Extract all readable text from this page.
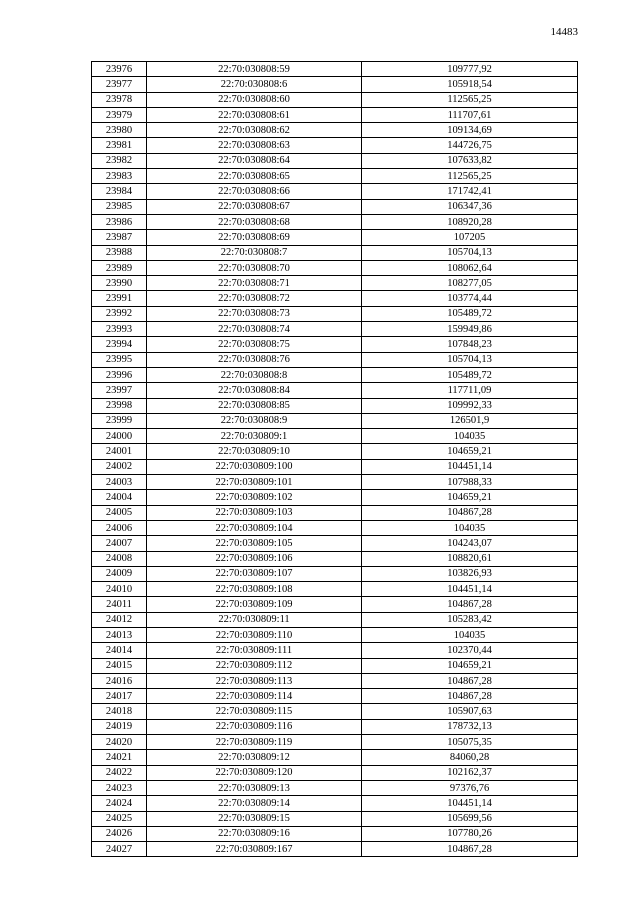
14483
23976	22:70:030808:59	109777,92
23977	22:70:030808:6	105918,54
23978	22:70:030808:60	112565,25
23979	22:70:030808:61	111707,61
23980	22:70:030808:62	109134,69
23981	22:70:030808:63	144726,75
23982	22:70:030808:64	107633,82
23983	22:70:030808:65	112565,25
23984	22:70:030808:66	171742,41
23985	22:70:030808:67	106347,36
23986	22:70:030808:68	108920,28
23987	22:70:030808:69	107205
23988	22:70:030808:7	105704,13
23989	22:70:030808:70	108062,64
23990	22:70:030808:71	108277,05
23991	22:70:030808:72	103774,44
23992	22:70:030808:73	105489,72
23993	22:70:030808:74	159949,86
23994	22:70:030808:75	107848,23
23995	22:70:030808:76	105704,13
23996	22:70:030808:8	105489,72
23997	22:70:030808:84	117711,09
23998	22:70:030808:85	109992,33
23999	22:70:030808:9	126501,9
24000	22:70:030809:1	104035
24001	22:70:030809:10	104659,21
24002	22:70:030809:100	104451,14
24003	22:70:030809:101	107988,33
24004	22:70:030809:102	104659,21
24005	22:70:030809:103	104867,28
24006	22:70:030809:104	104035
24007	22:70:030809:105	104243,07
24008	22:70:030809:106	108820,61
24009	22:70:030809:107	103826,93
24010	22:70:030809:108	104451,14
24011	22:70:030809:109	104867,28
24012	22:70:030809:11	105283,42
24013	22:70:030809:110	104035
24014	22:70:030809:111	102370,44
24015	22:70:030809:112	104659,21
24016	22:70:030809:113	104867,28
24017	22:70:030809:114	104867,28
24018	22:70:030809:115	105907,63
24019	22:70:030809:116	178732,13
24020	22:70:030809:119	105075,35
24021	22:70:030809:12	84060,28
24022	22:70:030809:120	102162,37
24023	22:70:030809:13	97376,76
24024	22:70:030809:14	104451,14
24025	22:70:030809:15	105699,56
24026	22:70:030809:16	107780,26
24027	22:70:030809:167	104867,28
